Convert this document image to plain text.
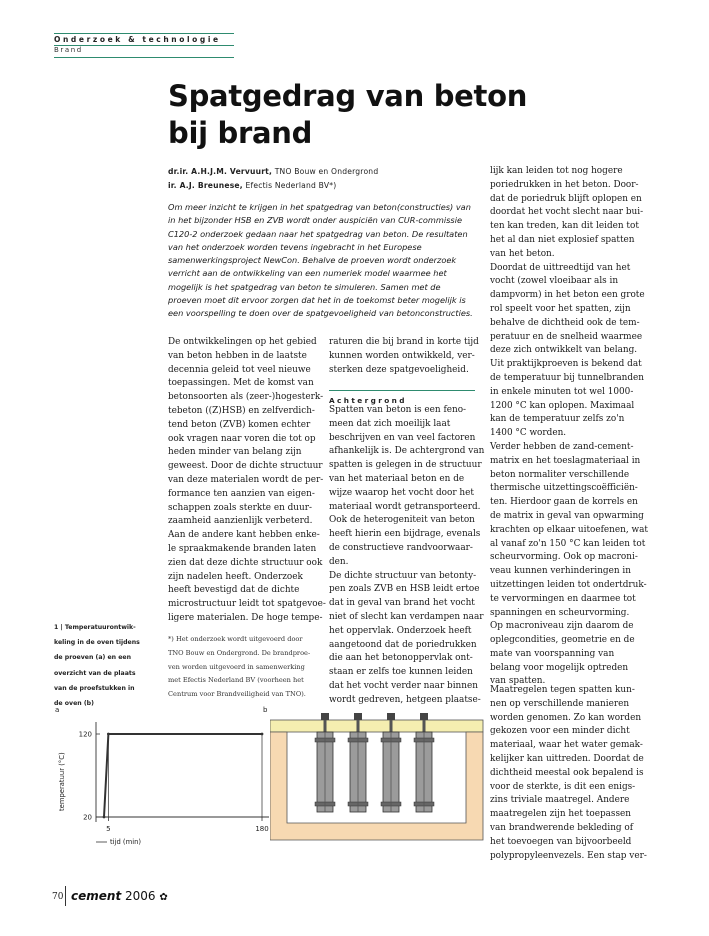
Onderzoek & technologie
Brand
Spatgedrag van beton
bij brand
dr.ir. A.H.J.M. Vervuurt, TNO Bouw en Ondergrond
ir. A.J. Breunese, Efectis Nederland BV*)
Om meer inzicht te krijgen in het spatgedrag van beton(constructies) van in het bijzonder HSB en ZVB wordt onder auspiciën van CUR-commissie C120-2 onderzoek gedaan naar het spatgedrag van beton. De resultaten van het onderzoek worden tevens ingebracht in het Europese samenwerkingsproject NewCon. Behalve de proeven wordt onderzoek verricht aan de ontwikkeling van een numeriek model waarmee het mogelijk is het spatgedrag van beton te simuleren. Samen met de proeven moet dit ervoor zorgen dat het in de toekomst beter mogelijk is een voorspelling te doen over de spatgevoeligheid van betonconstructies.

De ontwikkelingen op het gebied

van beton hebben in de laatste

decennia geleid tot veel nieuwe

toepassingen. Met de komst van

betonsoorten als (zeer-)hogesterk-

tebeton ((Z)HSB) en zelfverdich-

tend beton (ZVB) komen echter

ook vragen naar voren die tot op

heden minder van belang zijn

geweest. Door de dichte structuur

van deze materialen wordt de per-

formance ten aanzien van eigen-

schappen zoals sterkte en duur-

zaamheid aanzienlijk verbeterd.

Aan de andere kant hebben enke-

le spraakmakende branden laten

zien dat deze dichte structuur ook

zijn nadelen heeft. Onderzoek

heeft bevestigd dat de dichte

microstructuur leidt tot spatgevoe-

ligere materialen. De hoge tempe-

raturen die bij brand in korte tijd

kunnen worden ontwikkeld, ver-

sterken deze spatgevoeligheid.

Achtergrond

Spatten van beton is een feno-

meen dat zich moeilijk laat

beschrijven en van veel factoren

afhankelijk is. De achtergrond van

spatten is gelegen in de structuur

van het materiaal beton en de

wijze waarop het vocht door het

materiaal wordt getransporteerd.

Ook de heterogeniteit van beton

heeft hierin een bijdrage, evenals

de constructieve randvoorwaar-

den.

De dichte structuur van betonty-

pen zoals ZVB en HSB leidt ertoe

dat in geval van brand het vocht

niet of slecht kan verdampen naar

het oppervlak. Onderzoek heeft

aangetoond dat de poriedrukken

die aan het betonoppervlak ont-

staan er zelfs toe kunnen leiden

dat het vocht verder naar binnen

wordt gedreven, hetgeen plaatse-

lijk kan leiden tot nog hogere

poriedrukken in het beton. Door-

dat de poriedruk blijft oplopen en

doordat het vocht slecht naar bui-

ten kan treden, kan dit leiden tot

het al dan niet explosief spatten

van het beton.

Doordat de uittreedtijd van het

vocht (zowel vloeibaar als in

dampvorm) in het beton een grote

rol speelt voor het spatten, zijn

behalve de dichtheid ook de tem-

peratuur en de snelheid waarmee

deze zich ontwikkelt van belang.

Uit praktijkproeven is bekend dat

de temperatuur bij tunnelbranden

in enkele minuten tot wel 1000-

1200 °C kan oplopen. Maximaal

kan de temperatuur zelfs zo'n

1400 °C worden.

Verder hebben de zand-cement-

matrix en het toeslagmateriaal in

beton normaliter verschillende

thermische uitzettingscoëfficiën-

ten. Hierdoor gaan de korrels en

de matrix in geval van opwarming

krachten op elkaar uitoefenen, wat

al vanaf zo'n 150 °C kan leiden tot

scheurvorming. Ook op macroni-

veau kunnen verhinderingen in

uitzettingen leiden tot ondertdruk-

te vervormingen en daarmee tot

spanningen en scheurvorming.

Op macroniveau zijn daarom de

oplegcondities, geometrie en de

mate van voorspanning van

belang voor mogelijk optreden

van spatten.

Maatregelen tegen spatten kun-

nen op verschillende manieren

worden genomen. Zo kan worden

gekozen voor een minder dicht

materiaal, waar het water gemak-

kelijker kan uittreden. Doordat de

dichtheid meestal ook bepalend is

voor de sterkte, is dit een enigs-

zins triviale maatregel. Andere

maatregelen zijn het toepassen

van brandwerende bekleding of

het toevoegen van bijvoorbeeld

polypropyleenvezels. Een stap ver-

*) Het onderzoek wordt uitgevoerd door

TNO Bouw en Ondergrond. De brandproe-

ven worden uitgevoerd in samenwerking

met Efectis Nederland BV (voorheen het

Centrum voor Brandveiligheid van TNO).

1 | Temperatuurontwik-

keling in de oven tijdens

de proeven (a) en een

overzicht van de plaats

van de proefstukken in

de oven (b)

a	b
20
120
5	180
tijd (min)
temperatuur (°C)
70 cement 2006 ✿
